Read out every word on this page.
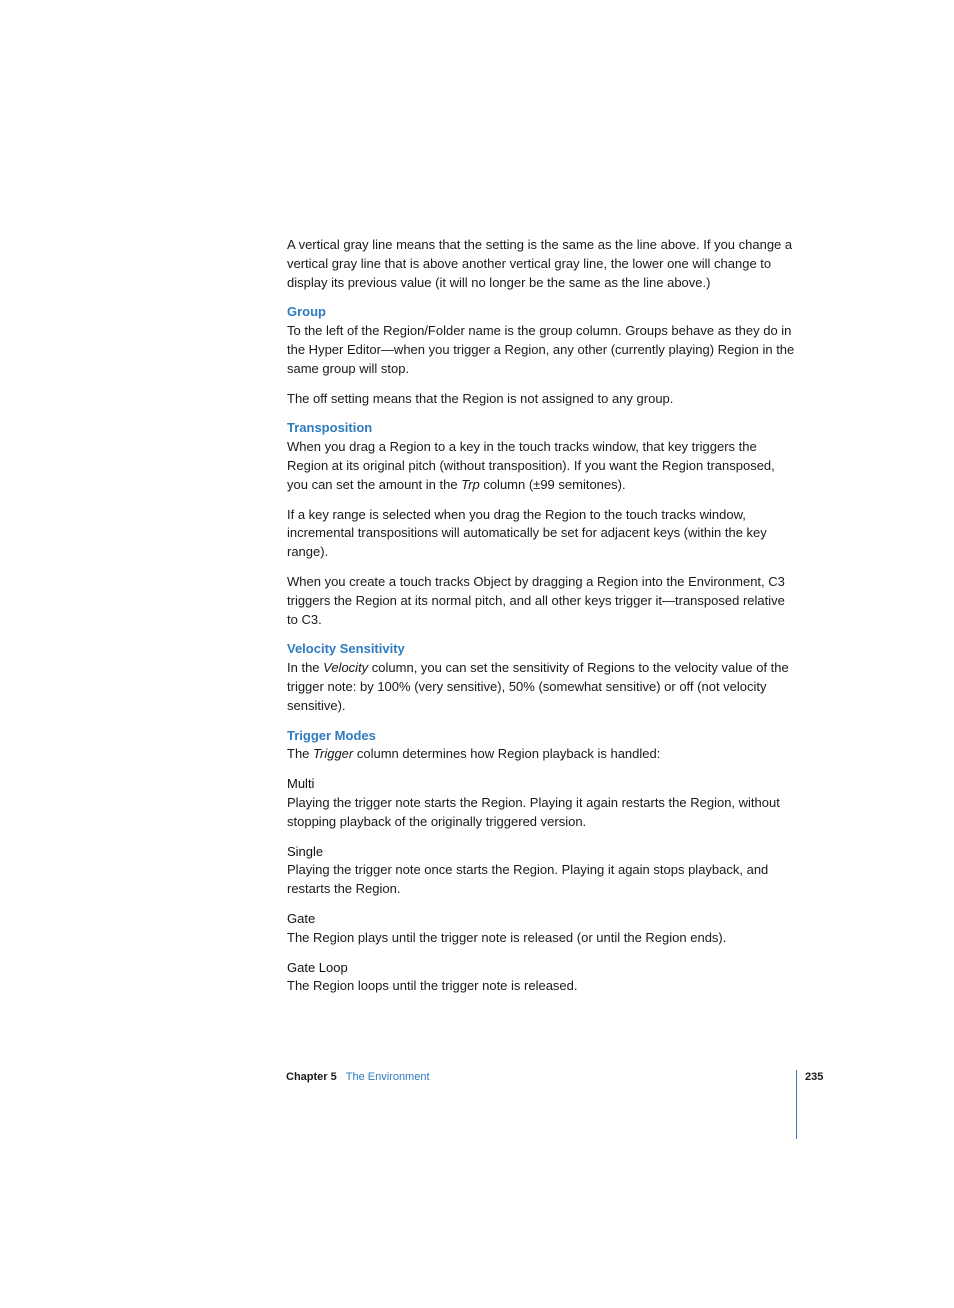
A vertical gray line means that the setting is the same as the line above. If you change a vertical gray line that is above another vertical gray line, the lower one will change to display its previous value (it will no longer be the same as the line above.)

Group

To the left of the Region/Folder name is the group column. Groups behave as they do in the Hyper Editor—when you trigger a Region, any other (currently playing) Region in the same group will stop.

The off setting means that the Region is not assigned to any group.

Transposition

When you drag a Region to a key in the touch tracks window, that key triggers the Region at its original pitch (without transposition). If you want the Region transposed, you can set the amount in the Trp column (±99 semitones).

If a key range is selected when you drag the Region to the touch tracks window, incremental transpositions will automatically be set for adjacent keys (within the key range).

When you create a touch tracks Object by dragging a Region into the Environment, C3 triggers the Region at its normal pitch, and all other keys trigger it—transposed relative to C3.

Velocity Sensitivity

In the Velocity column, you can set the sensitivity of Regions to the velocity value of the trigger note: by 100% (very sensitive), 50% (somewhat sensitive) or off (not velocity sensitive).

Trigger Modes

The Trigger column determines how Region playback is handled:

Multi

Playing the trigger note starts the Region. Playing it again restarts the Region, without stopping playback of the originally triggered version.

Single

Playing the trigger note once starts the Region. Playing it again stops playback, and restarts the Region.

Gate

The Region plays until the trigger note is released (or until the Region ends).

Gate Loop

The Region loops until the trigger note is released.

Chapter 5 The Environment	235
